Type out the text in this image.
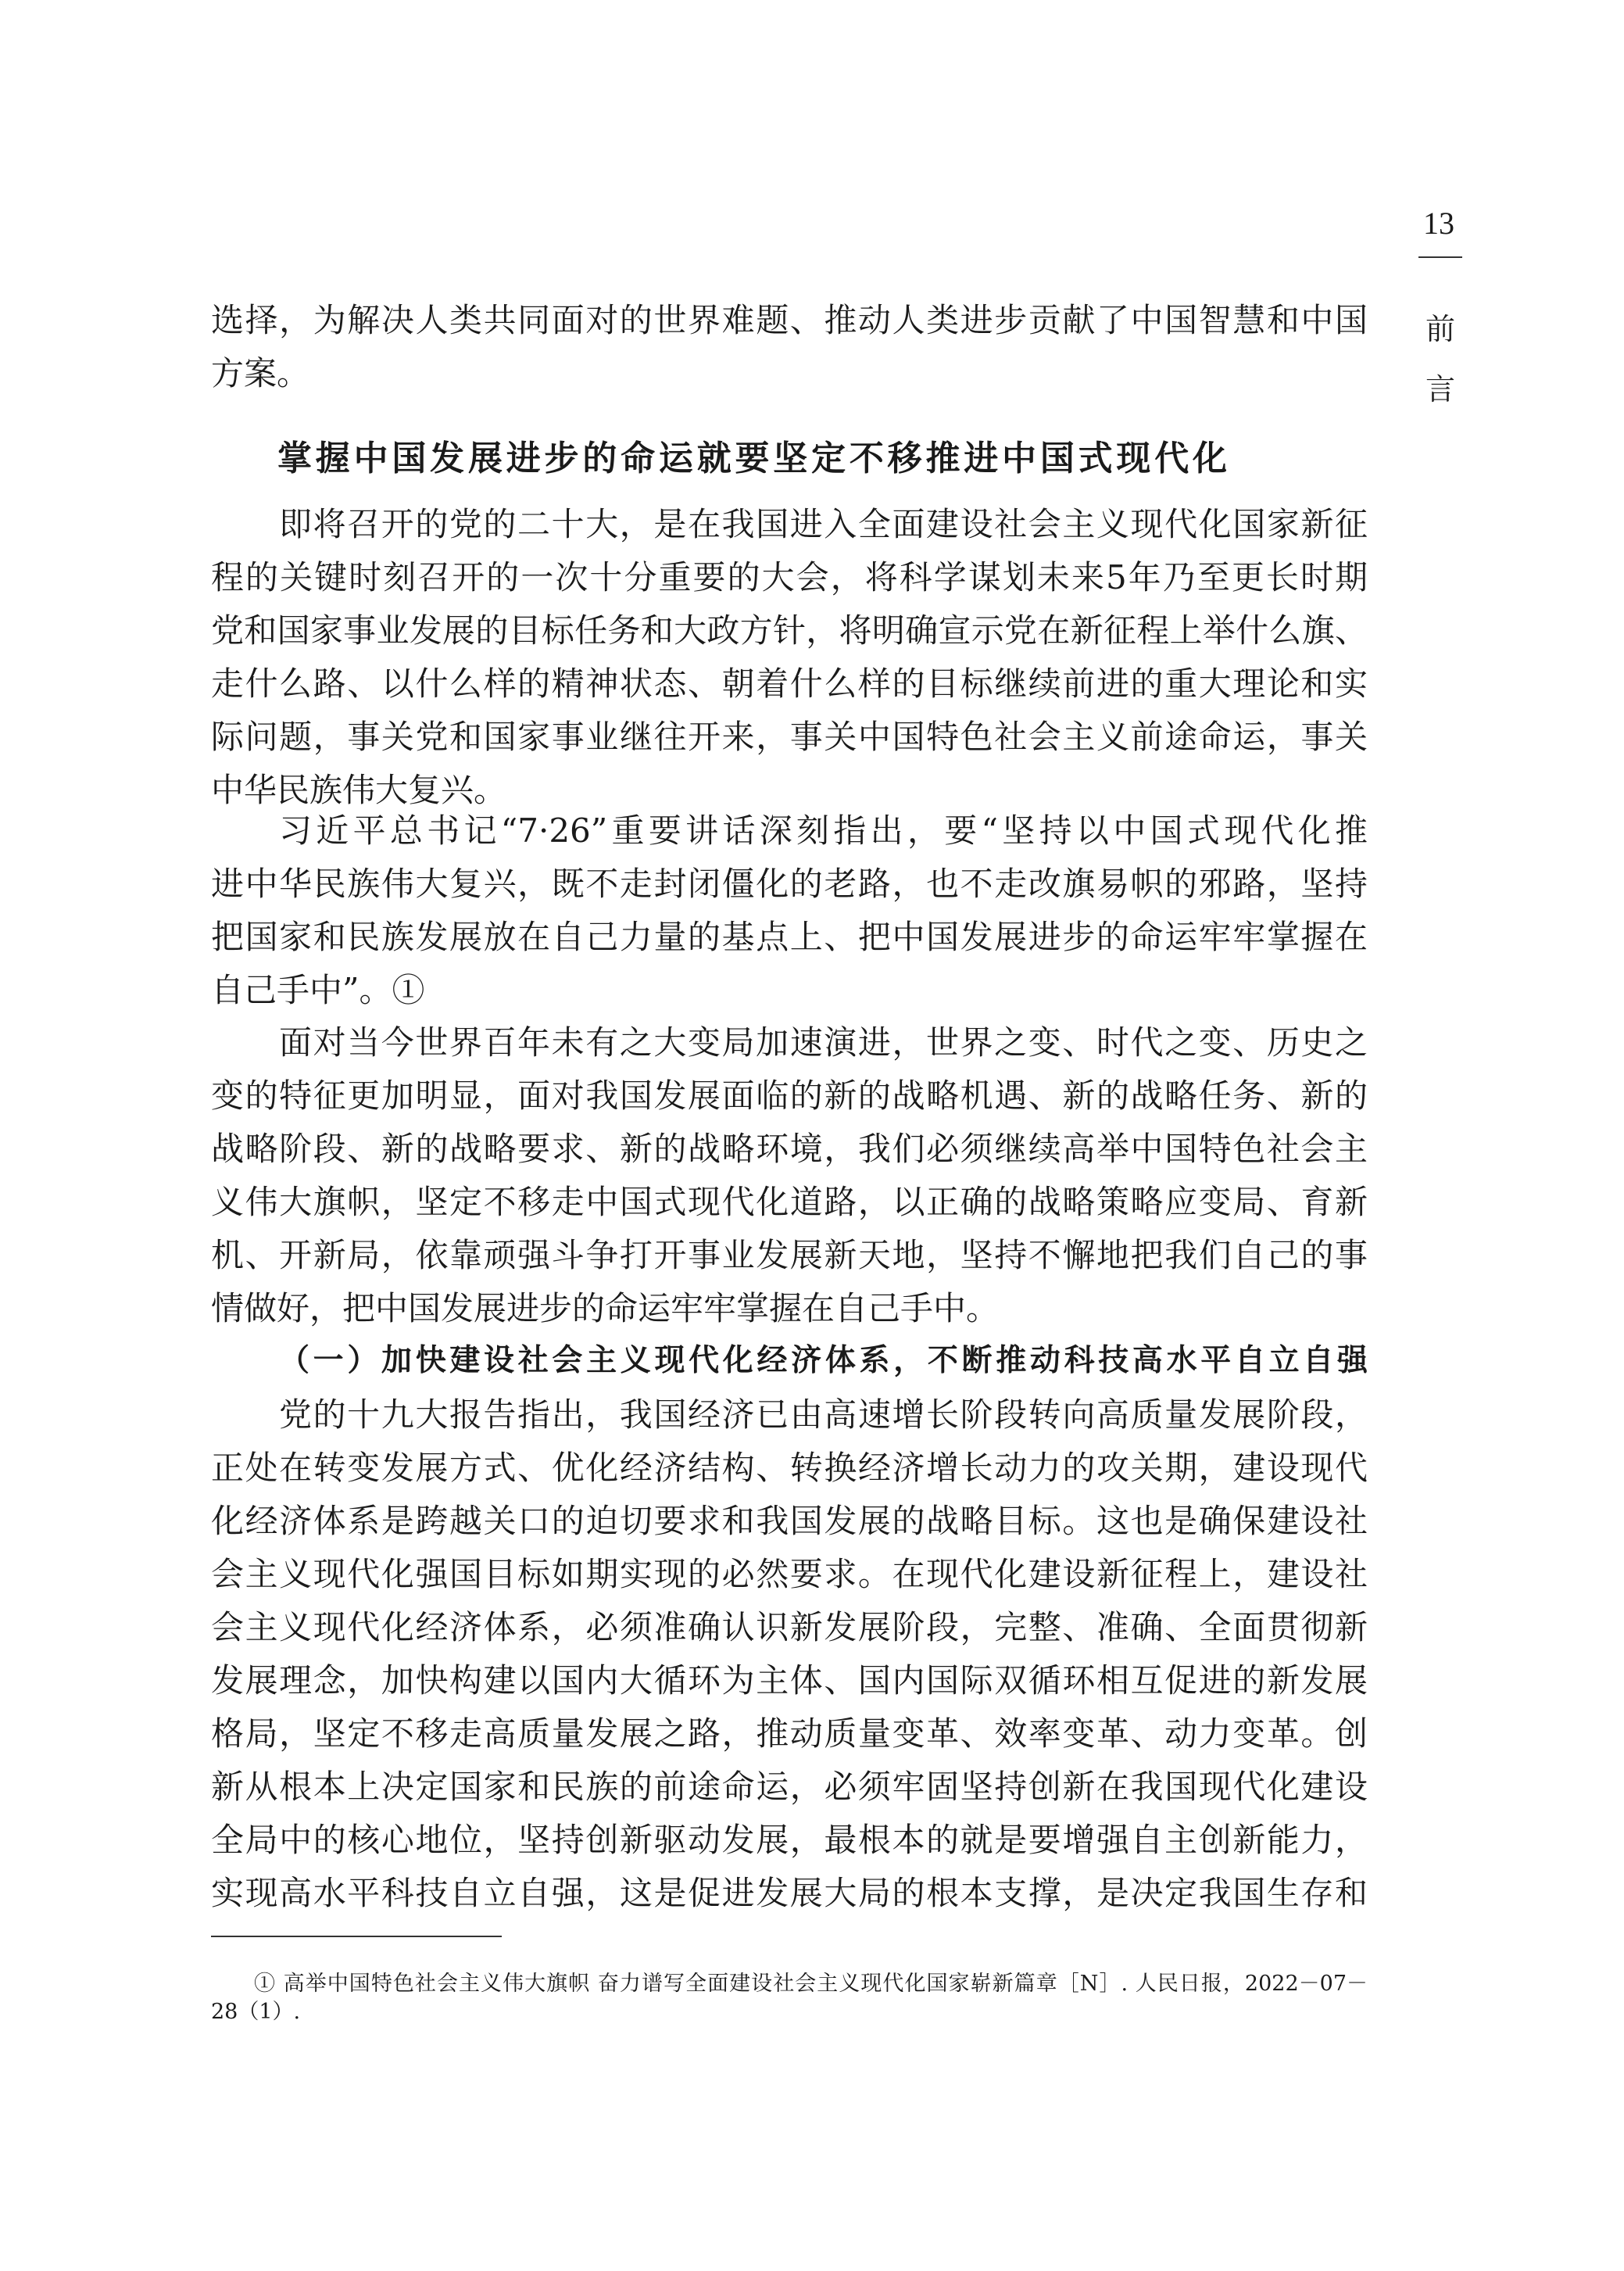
13
前
言
选择，为解决人类共同面对的世界难题、推动人类进步贡献了中国智慧和中国
方案。
掌握中国发展进步的命运就要坚定不移推进中国式现代化
即将召开的党的二十大，是在我国进入全面建设社会主义现代化国家新征
程的关键时刻召开的一次十分重要的大会，将科学谋划未来5年乃至更长时期
党和国家事业发展的目标任务和大政方针，将明确宣示党在新征程上举什么旗、
走什么路、以什么样的精神状态、朝着什么样的目标继续前进的重大理论和实
际问题，事关党和国家事业继往开来，事关中国特色社会主义前途命运，事关
中华民族伟大复兴。
习近平总书记“7·26”重要讲话深刻指出，要“坚持以中国式现代化推
进中华民族伟大复兴，既不走封闭僵化的老路，也不走改旗易帜的邪路，坚持
把国家和民族发展放在自己力量的基点上、把中国发展进步的命运牢牢掌握在
自己手中”。①
面对当今世界百年未有之大变局加速演进，世界之变、时代之变、历史之
变的特征更加明显，面对我国发展面临的新的战略机遇、新的战略任务、新的
战略阶段、新的战略要求、新的战略环境，我们必须继续高举中国特色社会主
义伟大旗帜，坚定不移走中国式现代化道路，以正确的战略策略应变局、育新
机、开新局，依靠顽强斗争打开事业发展新天地，坚持不懈地把我们自己的事
情做好，把中国发展进步的命运牢牢掌握在自己手中。
（一）加快建设社会主义现代化经济体系，不断推动科技高水平自立自强
党的十九大报告指出，我国经济已由高速增长阶段转向高质量发展阶段，
正处在转变发展方式、优化经济结构、转换经济增长动力的攻关期，建设现代
化经济体系是跨越关口的迫切要求和我国发展的战略目标。这也是确保建设社
会主义现代化强国目标如期实现的必然要求。在现代化建设新征程上，建设社
会主义现代化经济体系，必须准确认识新发展阶段，完整、准确、全面贯彻新
发展理念，加快构建以国内大循环为主体、国内国际双循环相互促进的新发展
格局，坚定不移走高质量发展之路，推动质量变革、效率变革、动力变革。创
新从根本上决定国家和民族的前途命运，必须牢固坚持创新在我国现代化建设
全局中的核心地位，坚持创新驱动发展，最根本的就是要增强自主创新能力，
实现高水平科技自立自强，这是促进发展大局的根本支撑，是决定我国生存和
① 高举中国特色社会主义伟大旗帜 奋力谱写全面建设社会主义现代化国家崭新篇章［N］. 人民日报，2022－07－
28（1）.
